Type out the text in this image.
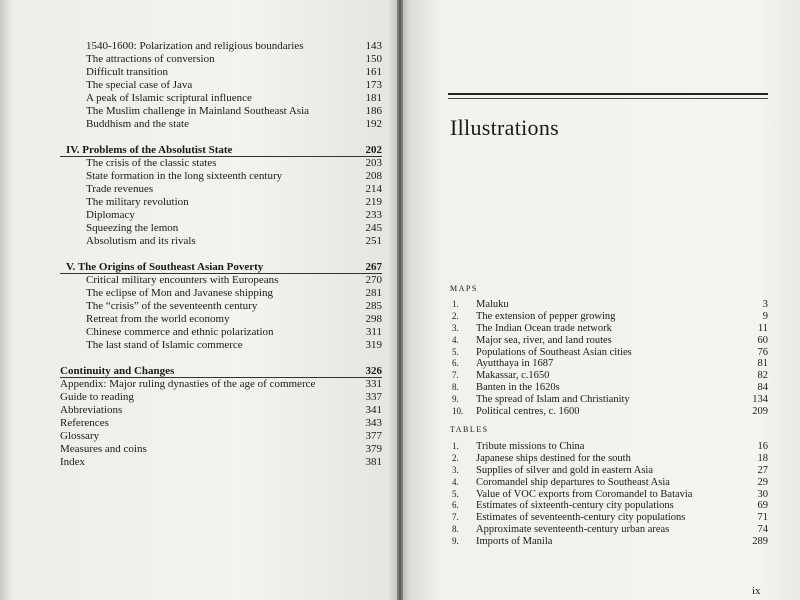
1540-1600: Polarization and religious boundaries	143
The attractions of conversion	150
Difficult transition	161
The special case of Java	173
A peak of Islamic scriptural influence	181
The Muslim challenge in Mainland Southeast Asia	186
Buddhism and the state	192
IV. Problems of the Absolutist State	202
The crisis of the classic states	203
State formation in the long sixteenth century	208
Trade revenues	214
The military revolution	219
Diplomacy	233
Squeezing the lemon	245
Absolutism and its rivals	251
V. The Origins of Southeast Asian Poverty	267
Critical military encounters with Europeans	270
The eclipse of Mon and Javanese shipping	281
The “crisis” of the seventeenth century	285
Retreat from the world economy	298
Chinese commerce and ethnic polarization	311
The last stand of Islamic commerce	319
Continuity and Changes	326
Appendix: Major ruling dynasties of the age of commerce	331
Guide to reading	337
Abbreviations	341
References	343
Glossary	377
Measures and coins	379
Index	381
Illustrations
MAPS
1.	Maluku	3
2.	The extension of pepper growing	9
3.	The Indian Ocean trade network	11
4.	Major sea, river, and land routes	60
5.	Populations of Southeast Asian cities	76
6.	Ayutthaya in 1687	81
7.	Makassar, c.1650	82
8.	Banten in the 1620s	84
9.	The spread of Islam and Christianity	134
10.	Political centres, c. 1600	209
TABLES
1.	Tribute missions to China	16
2.	Japanese ships destined for the south	18
3.	Supplies of silver and gold in eastern Asia	27
4.	Coromandel ship departures to Southeast Asia	29
5.	Value of VOC exports from Coromandel to Batavia	30
6.	Estimates of sixteenth-century city populations	69
7.	Estimates of seventeenth-century city populations	71
8.	Approximate seventeenth-century urban areas	74
9.	Imports of Manila	289
ix
